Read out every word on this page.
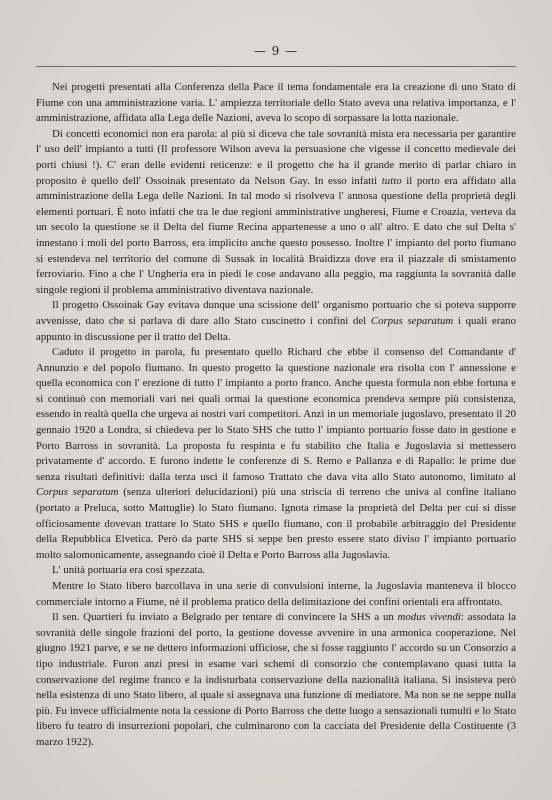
— 9 —

Nei progetti presentati alla Conferenza della Pace il tema fondamentale era la creazione di uno Stato di Fiume con una amministrazione varia. L' ampiezza territoriale dello Stato aveva una relativa importanza, e l' amministrazione, affidata alla Lega delle Nazioni, aveva lo scopo di sorpassare la lotta nazionale.

Di concetti economici non era parola: al più si diceva che tale sovranità mista era necessaria per garantire l' uso dell' impianto a tutti (Il professore Wilson aveva la persuasione che vigesse il concetto medievale dei porti chiusi !). C' eran delle evidenti reticenze: e il progetto che ha il grande merito di parlar chiaro in proposito è quello dell' Ossoinak presentato da Nelson Gay. In esso infatti tutto il porto era affidato alla amministrazione della Lega delle Nazioni. In tal modo si risolveva l' annosa questione della proprietà degli elementi portuari. È noto infatti che tra le due regioni amministrative ungheresi, Fiume e Croazia, verteva da un secolo la questione se il Delta del fiume Recina appartenesse a uno o all' altro. E dato che sul Delta s' innestano i moli del porto Barross, era implicito anche questo possesso. Inoltre l' impianto del porto fiumano si estendeva nel territorio del comune di Sussak in località Braidizza dove era il piazzale di smistamento ferroviario. Fino a che l' Ungheria era in piedi le cose andavano alla peggio, ma raggiunta la sovranità dalle singole regioni il problema amministrativo diventava nazionale.

Il progetto Ossoinak Gay evitava dunque una scissione dell' organismo portuario che si poteva supporre avvenisse, dato che si parlava di dare allo Stato cuscinetto i confini del Corpus separatum i quali erano appunto in discussione per il tratto del Delta.

Caduto il progetto in parola, fu presentato quello Richard che ebbe il consenso del Comandante d' Annunzio e del popolo fiumano. In questo progetto la questione nazionale era risolta con l' annessione e quella economica con l' erezione di tutto l' impianto a porto franco. Anche questa formula non ebbe fortuna e si continuò con memoriali vari nei quali ormai la questione economica prendeva sempre più consistenza, essendo in realtà quella che urgeva ai nostri vari competitori. Anzi in un memoriale jugoslavo, presentato il 20 gennaio 1920 a Londra, si chiedeva per lo Stato SHS che tutto l' impianto portuario fosse dato in gestione e Porto Barross in sovranità. La proposta fu respinta e fu stabilito che Italia e Jugoslavia si mettessero privatamente d' accordo. E furono indette le conferenze di S. Remo e Pallanza e di Rapallo: le prime due senza risultati definitivi: dalla terza uscì il famoso Trattato che dava vita allo Stato autonomo, limitato al Corpus separatum (senza ulteriori delucidazioni) più una striscia di terreno che univa al confine italiano (portato a Preluca, sotto Mattuglie) lo Stato fiumano. Ignota rimase la proprietà del Delta per cui si disse officiosamente dovevan trattare lo Stato SHS e quello fiumano, con il probabile arbitraggio del Presidente della Repubblica Elvetica. Però da parte SHS si seppe ben presto essere stato diviso l' impianto portuario molto salomonicamente, assegnando cioè il Delta e Porto Barross alla Jugoslavia.

L' unità portuaria era così spezzata.

Mentre lo Stato libero barcollava in una serie di convulsioni interne, la Jugoslavia manteneva il blocco commerciale intorno a Fiume, nè il problema pratico della delimitazione dei confini orientali era affrontato.

Il sen. Quartieri fu inviato a Belgrado per tentare di convincere la SHS a un modus vivendi: assodata la sovranità delle singole frazioni del porto, la gestione dovesse avvenire in una armonica cooperazione. Nel giugno 1921 parve, e se ne dettero informazioni ufficiose, che si fosse raggiunto l' accordo su un Consorzio a tipo industriale. Furon anzi presi in esame vari schemi di consorzio che contemplavano quasi tutta la conservazione del regime franco e la indisturbata conservazione della nazionalità italiana. Si insisteva però nella esistenza di uno Stato libero, al quale si assegnava una funzione di mediatore. Ma non se ne seppe nulla più. Fu invece ufficialmente nota la cessione di Porto Barross che dette luogo a sensazionali tumulti e lo Stato libero fu teatro di insurrezioni popolari, che culminarono con la cacciata del Presidente della Costituente (3 marzo 1922).
